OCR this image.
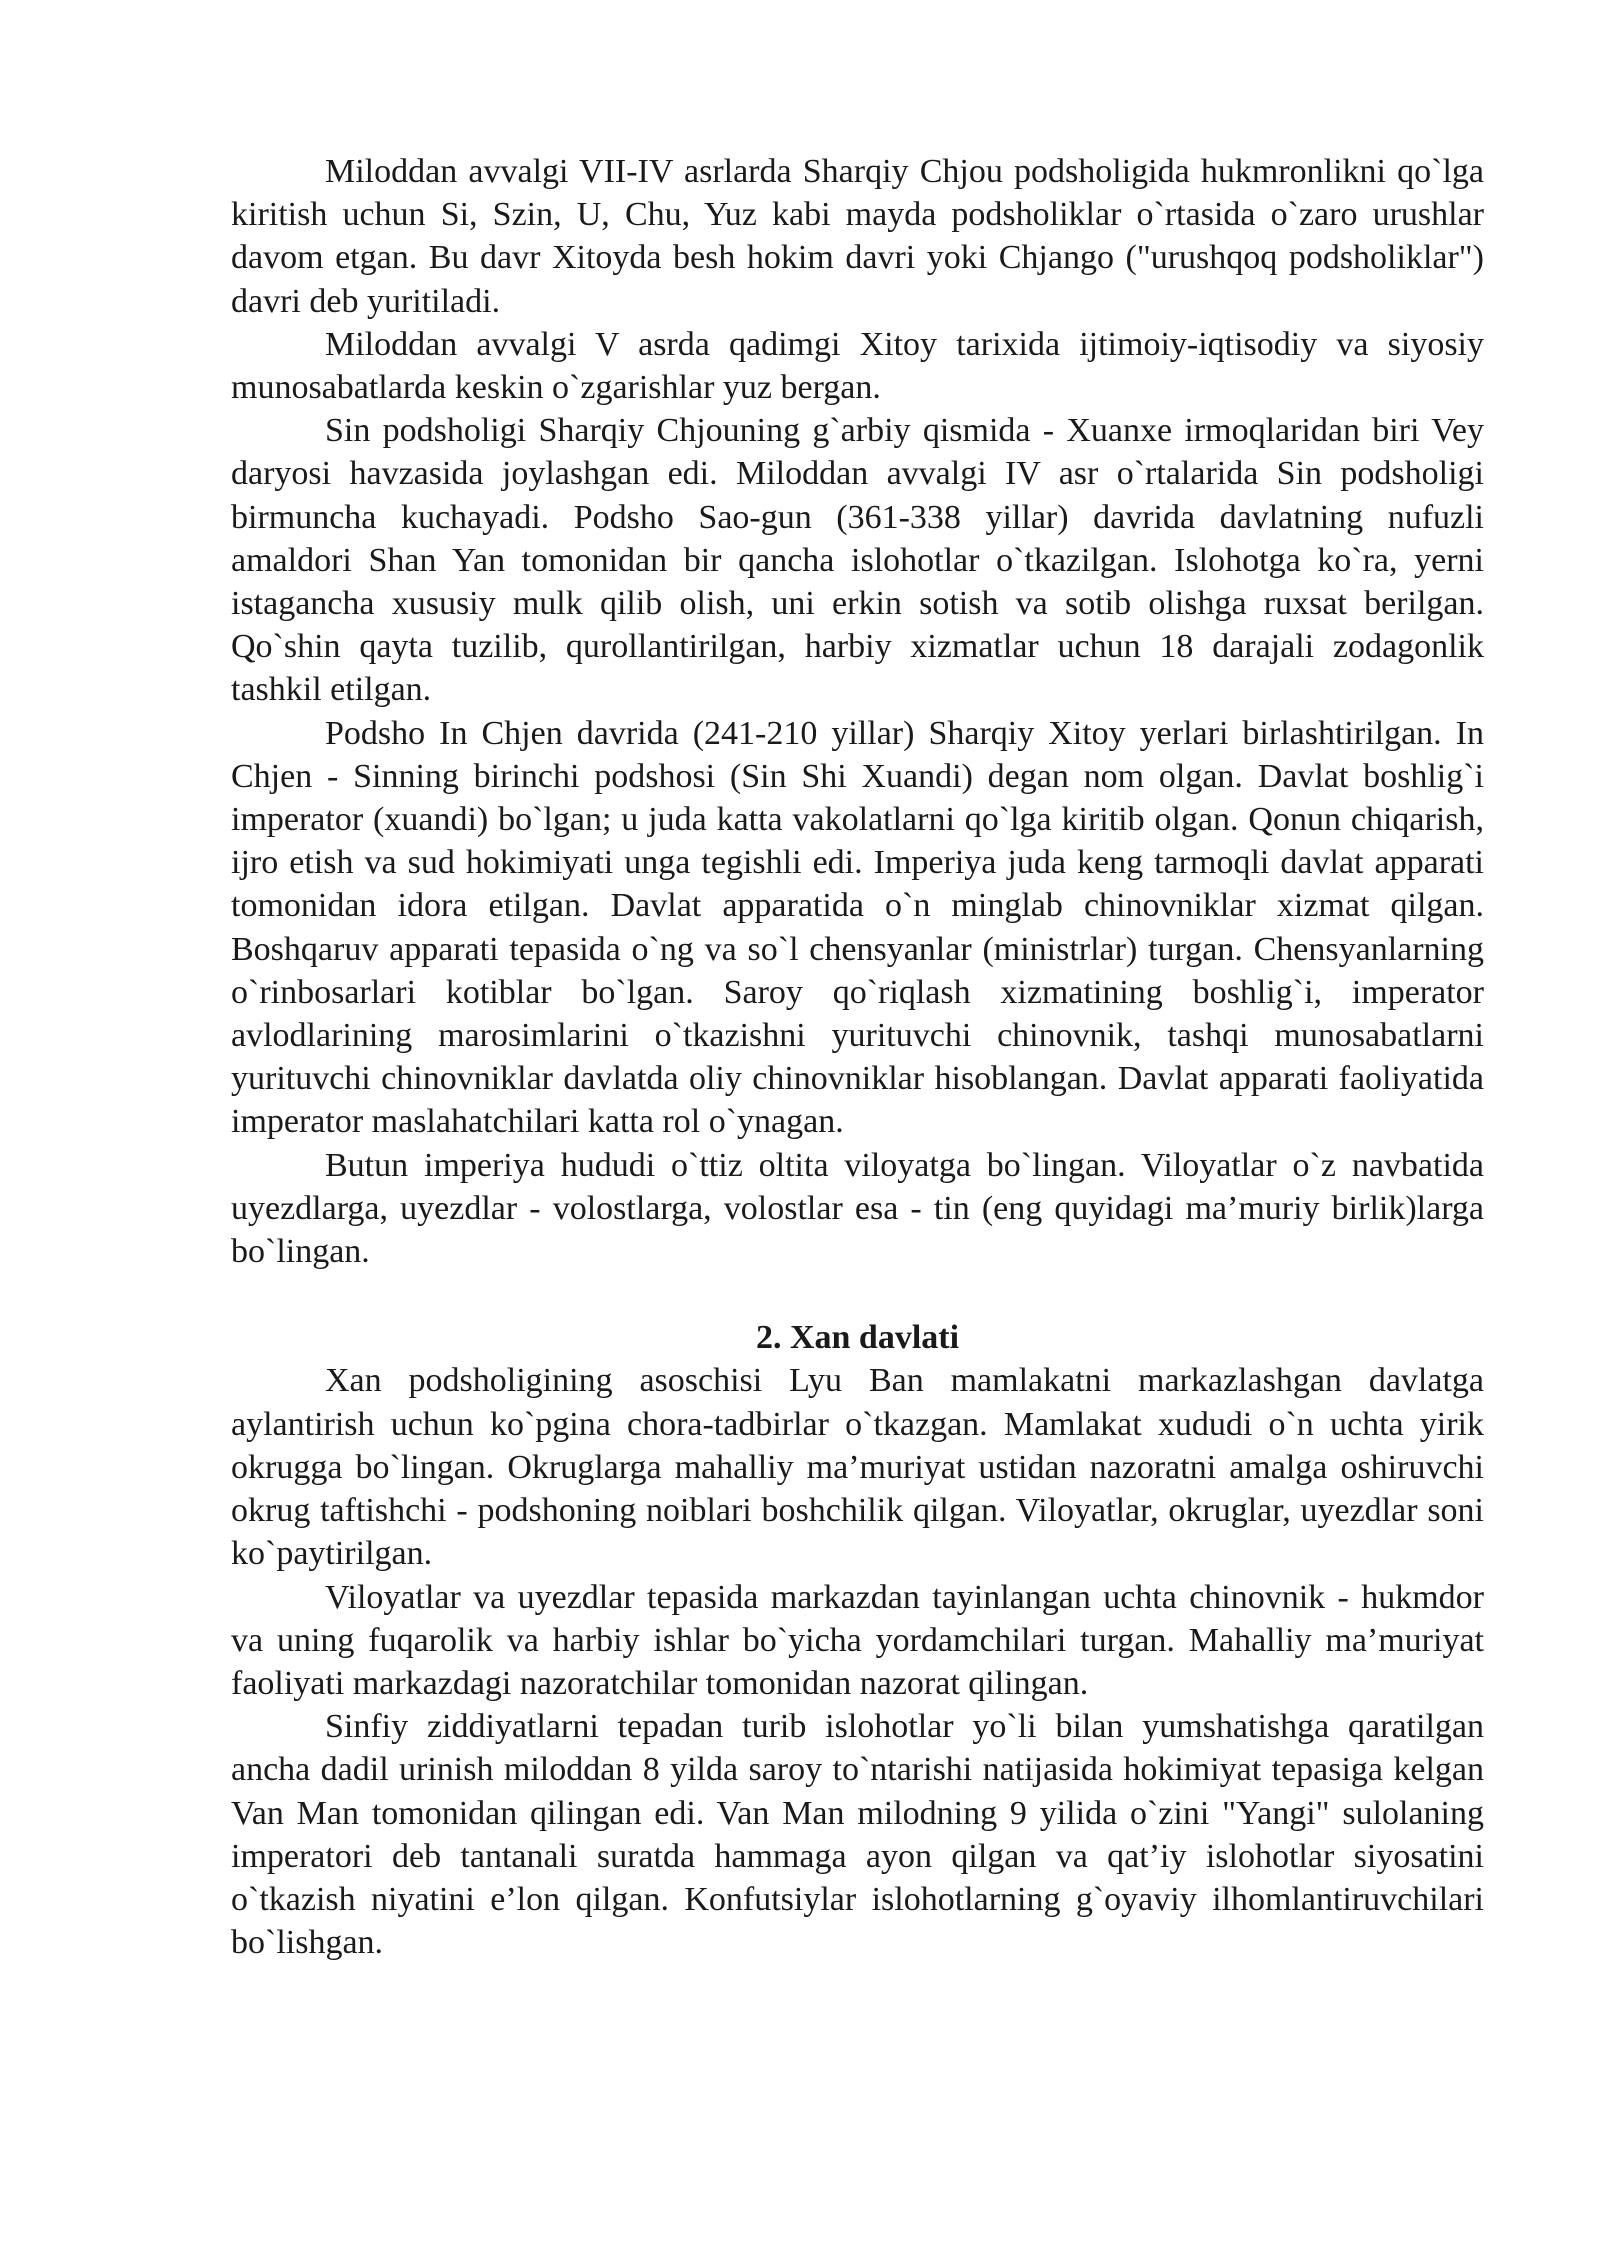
Miloddan avvalgi VII-IV asrlarda Sharqiy Chjou podsholigida hukmronlikni qo`lga kiritish uchun Si, Szin, U, Chu, Yuz kabi mayda podsholiklar o`rtasida o`zaro urushlar davom etgan. Bu davr Xitoyda besh hokim davri yoki Chjango ("urushqoq podsholiklar") davri deb yuritiladi.

Miloddan avvalgi V asrda qadimgi Xitoy tarixida ijtimoiy-iqtisodiy va siyosiy munosabatlarda keskin o`zgarishlar yuz bergan.

Sin podsholigi Sharqiy Chjouning g`arbiy qismida - Xuanxe irmoqlaridan biri Vey daryosi havzasida joylashgan edi. Miloddan avvalgi IV asr o`rtalarida Sin podsholigi birmuncha kuchayadi. Podsho Sao-gun (361-338 yillar) davrida davlatning nufuzli amaldori Shan Yan tomonidan bir qancha islohotlar o`tkazilgan. Islohotga ko`ra, yerni istagancha xususiy mulk qilib olish, uni erkin sotish va sotib olishga ruxsat berilgan. Qo`shin qayta tuzilib, qurollantirilgan, harbiy xizmatlar uchun 18 darajali zodagonlik tashkil etilgan.

Podsho In Chjen davrida (241-210 yillar) Sharqiy Xitoy yerlari birlashtirilgan. In Chjen - Sinning birinchi podshosi (Sin Shi Xuandi) degan nom olgan. Davlat boshlig`i imperator (xuandi) bo`lgan; u juda katta vakolatlarni qo`lga kiritib olgan. Qonun chiqarish, ijro etish va sud hokimiyati unga tegishli edi. Imperiya juda keng tarmoqli davlat apparati tomonidan idora etilgan. Davlat apparatida o`n minglab chinovniklar xizmat qilgan. Boshqaruv apparati tepasida o`ng va so`l chensyanlar (ministrlar) turgan. Chensyanlarning o`rinbosarlari kotiblar bo`lgan. Saroy qo`riqlash xizmatining boshlig`i, imperator avlodlarining marosimlarini o`tkazishni yurituvchi chinovnik, tashqi munosabatlarni yurituvchi chinovniklar davlatda oliy chinovniklar hisoblangan. Davlat apparati faoliyatida imperator maslahatchilari katta rol o`ynagan.

Butun imperiya hududi o`ttiz oltita viloyatga bo`lingan. Viloyatlar o`z navbatida uyezdlarga, uyezdlar - volostlarga, volostlar esa - tin (eng quyidagi ma’muriy birlik)larga bo`lingan.

2. Xan davlati

Xan podsholigining asoschisi Lyu Ban mamlakatni markazlashgan davlatga aylantirish uchun ko`pgina chora-tadbirlar o`tkazgan. Mamlakat xududi o`n uchta yirik okrugga bo`lingan. Okruglarga mahalliy ma’muriyat ustidan nazoratni amalga oshiruvchi okrug taftishchi - podshoning noiblari boshchilik qilgan. Viloyatlar, okruglar, uyezdlar soni ko`paytirilgan.

Viloyatlar va uyezdlar tepasida markazdan tayinlangan uchta chinovnik - hukmdor va uning fuqarolik va harbiy ishlar bo`yicha yordamchilari turgan. Mahalliy ma’muriyat faoliyati markazdagi nazoratchilar tomonidan nazorat qilingan.

Sinfiy ziddiyatlarni tepadan turib islohotlar yo`li bilan yumshatishga qaratilgan ancha dadil urinish miloddan 8 yilda saroy to`ntarishi natijasida hokimiyat tepasiga kelgan Van Man tomonidan qilingan edi. Van Man milodning 9 yilida o`zini "Yangi" sulolaning imperatori deb tantanali suratda hammaga ayon qilgan va qat’iy islohotlar siyosatini o`tkazish niyatini e’lon qilgan. Konfutsiylar islohotlarning g`oyaviy ilhomlantiruvchilari bo`lishgan.
